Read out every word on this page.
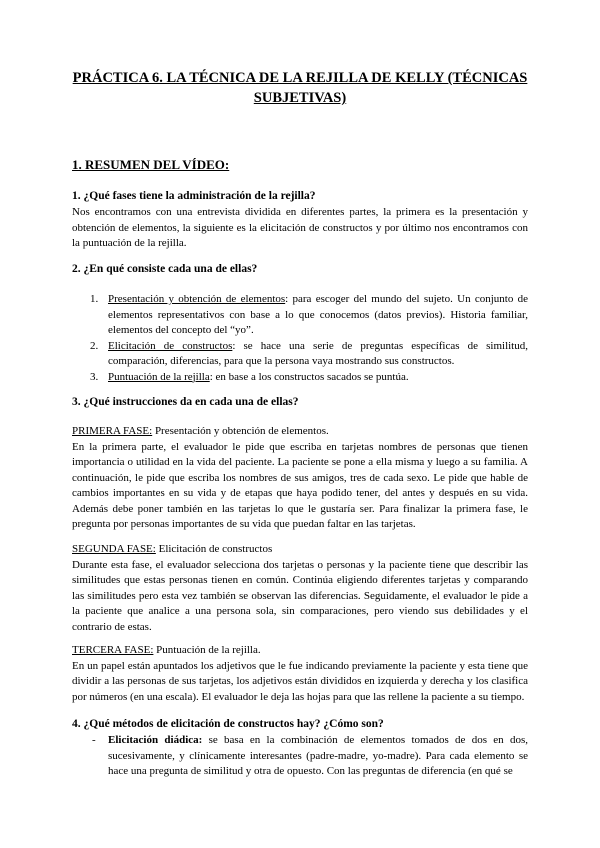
PRÁCTICA 6. LA TÉCNICA DE LA REJILLA DE KELLY (TÉCNICAS SUBJETIVAS)
1. RESUMEN DEL VÍDEO:
1. ¿Qué fases tiene la administración de la rejilla?
Nos encontramos con una entrevista dividida en diferentes partes, la primera es la presentación y obtención de elementos, la siguiente es la elicitación de constructos y por último nos encontramos con la puntuación de la rejilla.
2. ¿En qué consiste cada una de ellas?

1. Presentación y obtención de elementos: para escoger del mundo del sujeto. Un conjunto de elementos representativos con base a lo que conocemos (datos previos). Historia familiar, elementos del concepto del “yo”.

2. Elicitación de constructos: se hace una serie de preguntas específicas de similitud, comparación, diferencias, para que la persona vaya mostrando sus constructos.

3. Puntuación de la rejilla: en base a los constructos sacados se puntúa.

3. ¿Qué instrucciones da en cada una de ellas?
PRIMERA FASE: Presentación y obtención de elementos.
En la primera parte, el evaluador le pide que escriba en tarjetas nombres de personas que tienen importancia o utilidad en la vida del paciente. La paciente se pone a ella misma y luego a su familia. A continuación, le pide que escriba los nombres de sus amigos, tres de cada sexo. Le pide que hable de cambios importantes en su vida y de etapas que haya podido tener, del antes y después en su vida. Además debe poner también en las tarjetas lo que le gustaría ser. Para finalizar la primera fase, le pregunta por personas importantes de su vida que puedan faltar en las tarjetas.
SEGUNDA FASE: Elicitación de constructos
Durante esta fase, el evaluador selecciona dos tarjetas o personas y la paciente tiene que describir las similitudes que estas personas tienen en común. Continúa eligiendo diferentes tarjetas y comparando las similitudes pero esta vez también se observan las diferencias. Seguidamente, el evaluador le pide a la paciente que analice a una persona sola, sin comparaciones, pero viendo sus debilidades y el contrario de estas.
TERCERA FASE: Puntuación de la rejilla.
En un papel están apuntados los adjetivos que le fue indicando previamente la paciente y esta tiene que dividir a las personas de sus tarjetas, los adjetivos están divididos en izquierda y derecha y los clasifica por números (en una escala). El evaluador le deja las hojas para que las rellene la paciente a su tiempo.
4. ¿Qué métodos de elicitación de constructos hay? ¿Cómo son?

- Elicitación diádica: se basa en la combinación de elementos tomados de dos en dos, sucesivamente, y clínicamente interesantes (padre-madre, yo-madre). Para cada elemento se hace una pregunta de similitud y otra de opuesto. Con las preguntas de diferencia (en qué se
